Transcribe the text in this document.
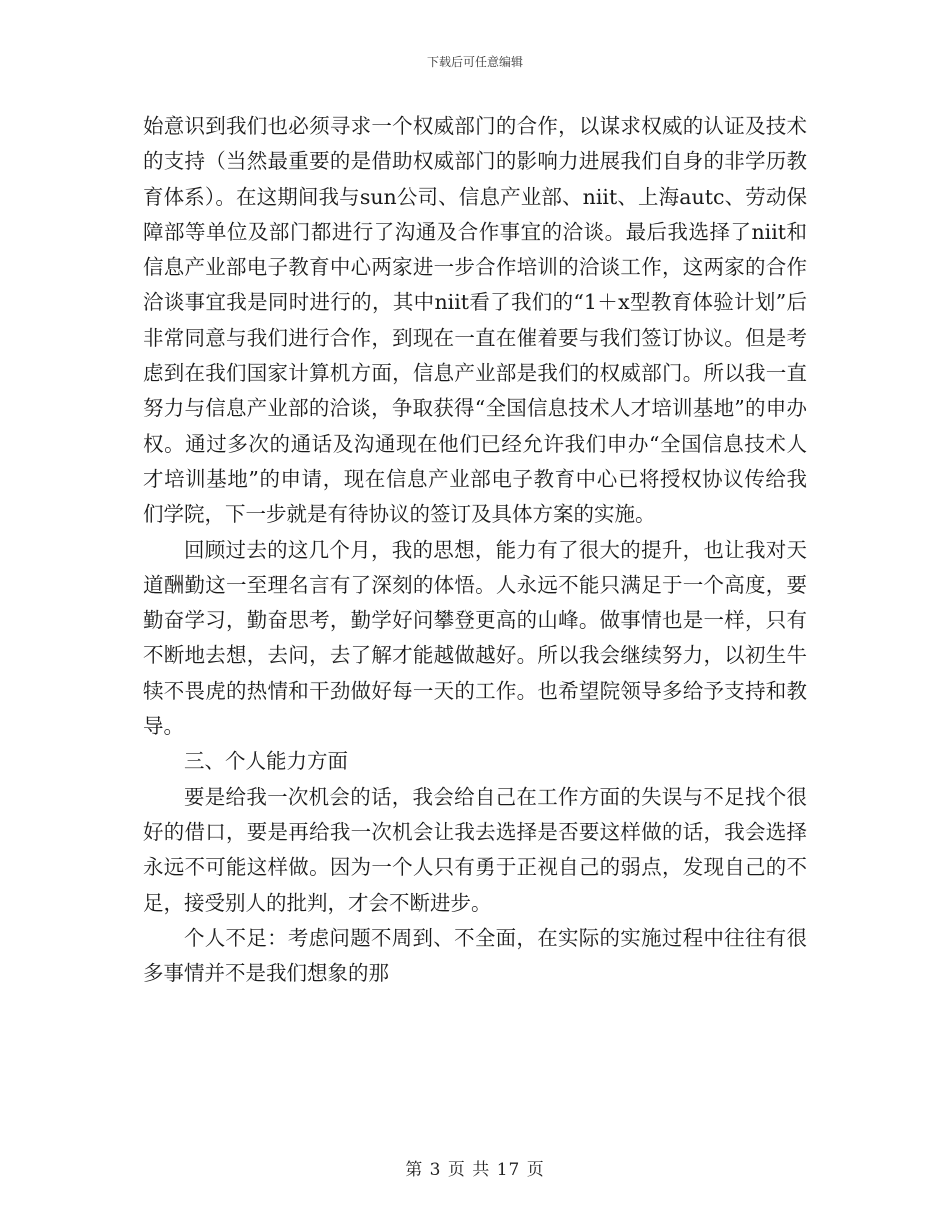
下载后可任意编辑

始意识到我们也必须寻求一个权威部门的合作，以谋求权威的认证及技术的支持（当然最重要的是借助权威部门的影响力进展我们自身的非学历教育体系）。在这期间我与sun公司、信息产业部、niit、上海autc、劳动保障部等单位及部门都进行了沟通及合作事宜的洽谈。最后我选择了niit和信息产业部电子教育中心两家进一步合作培训的洽谈工作，这两家的合作洽谈事宜我是同时进行的，其中niit看了我们的“1＋x型教育体验计划”后非常同意与我们进行合作，到现在一直在催着要与我们签订协议。但是考虑到在我们国家计算机方面，信息产业部是我们的权威部门。所以我一直努力与信息产业部的洽谈，争取获得“全国信息技术人才培训基地”的申办权。通过多次的通话及沟通现在他们已经允许我们申办“全国信息技术人才培训基地”的申请，现在信息产业部电子教育中心已将授权协议传给我们学院，下一步就是有待协议的签订及具体方案的实施。

回顾过去的这几个月，我的思想，能力有了很大的提升，也让我对天道酬勤这一至理名言有了深刻的体悟。人永远不能只满足于一个高度，要勤奋学习，勤奋思考，勤学好问攀登更高的山峰。做事情也是一样，只有不断地去想，去问，去了解才能越做越好。所以我会继续努力，以初生牛犊不畏虎的热情和干劲做好每一天的工作。也希望院领导多给予支持和教导。

三、个人能力方面

要是给我一次机会的话，我会给自己在工作方面的失误与不足找个很好的借口，要是再给我一次机会让我去选择是否要这样做的话，我会选择永远不可能这样做。因为一个人只有勇于正视自己的弱点，发现自己的不足，接受别人的批判，才会不断进步。

个人不足：考虑问题不周到、不全面，在实际的实施过程中往往有很多事情并不是我们想象的那

第 3 页 共 17 页
